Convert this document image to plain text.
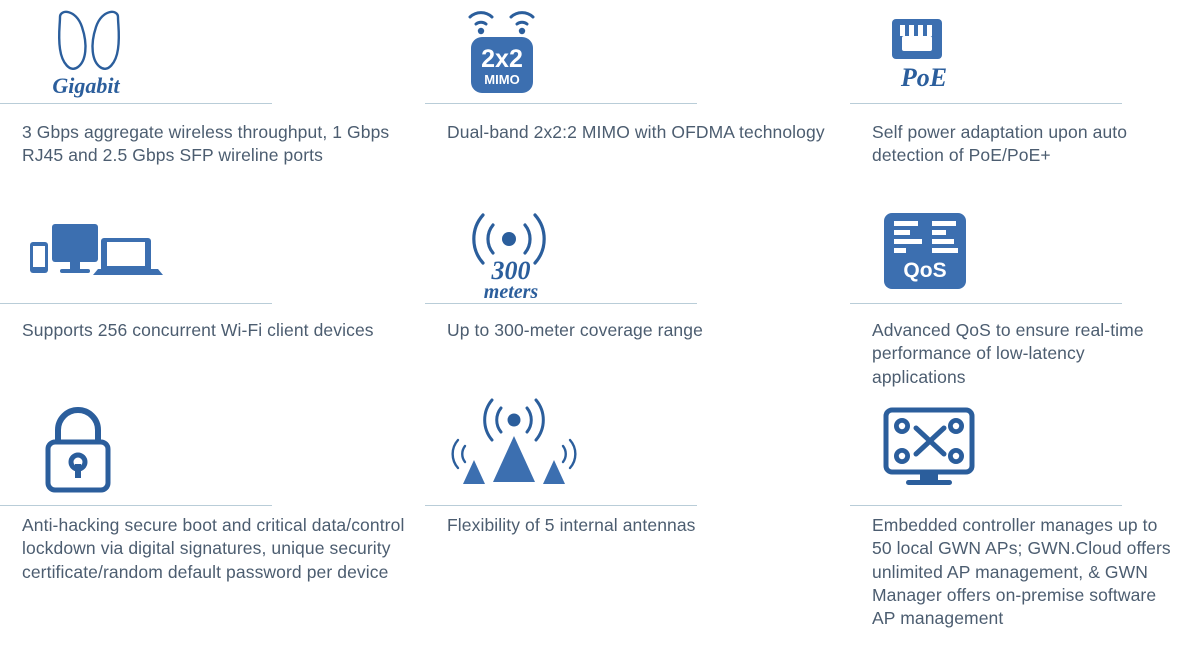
Gigabit
3 Gbps aggregate wireless throughput, 1 Gbps RJ45 and 2.5 Gbps SFP wireline ports
2x2
MIMO
Dual-band 2x2:2 MIMO with OFDMA technology
PoE
Self power adaptation upon auto detection of PoE/PoE+
Supports 256 concurrent Wi-Fi client devices
300
meters
Up to 300-meter coverage range
QoS
Advanced QoS to ensure real-time performance of low-latency applications
Anti-hacking secure boot and critical data/control lockdown via digital signatures, unique security certificate/random default password per device
Flexibility of 5 internal antennas	Embedded controller manages up to 50 local GWN APs; GWN.Cloud offers unlimited AP management, & GWN Manager offers on-premise software AP management
